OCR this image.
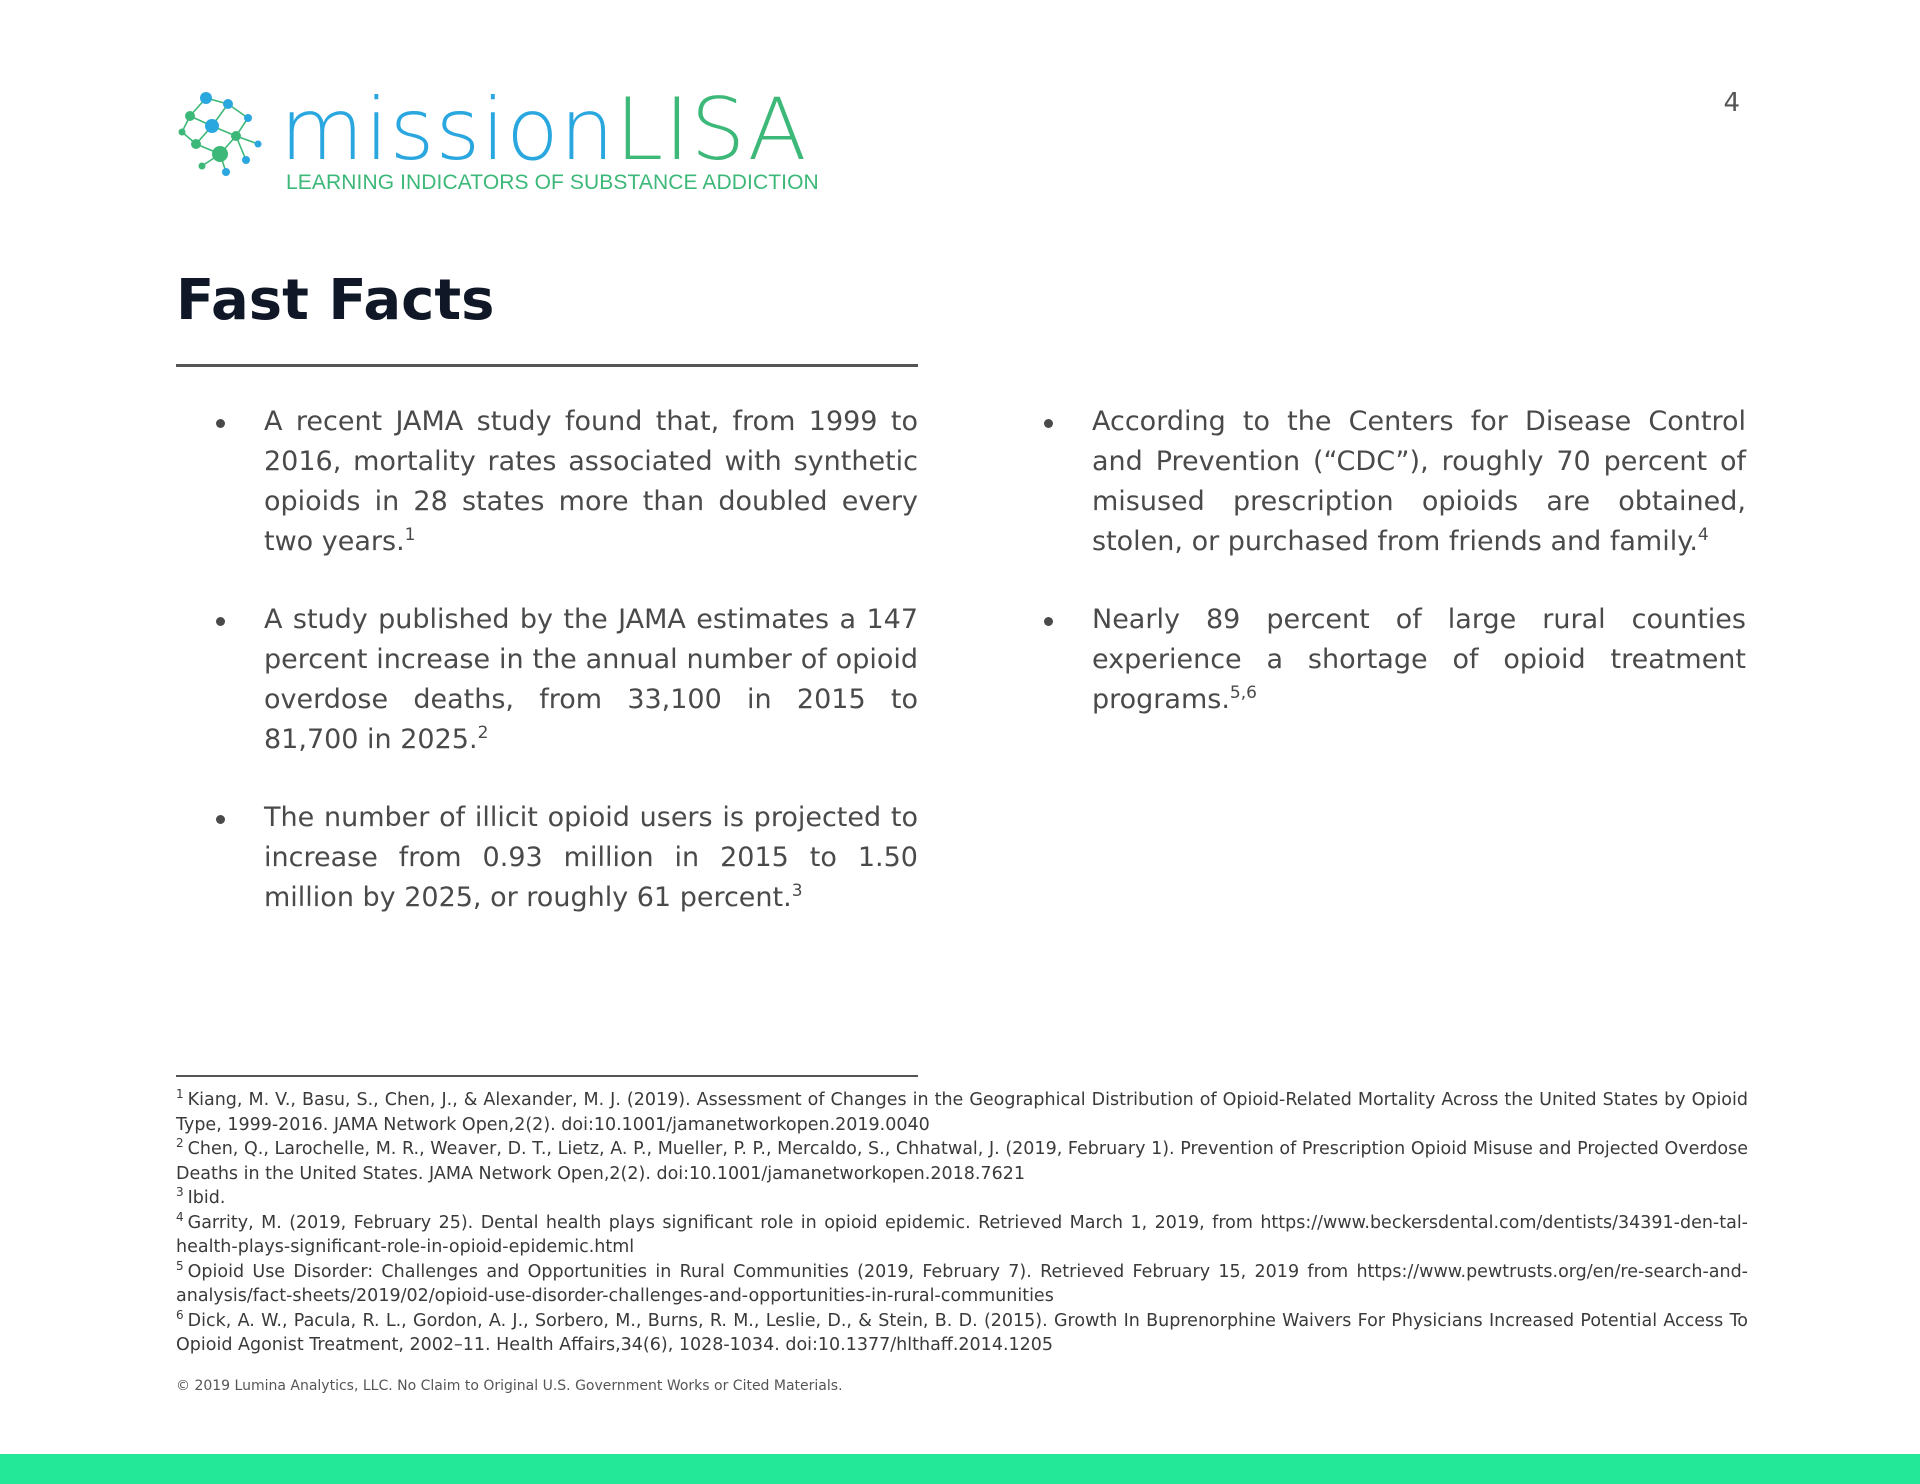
missionLISA
LEARNING INDICATORS OF SUBSTANCE ADDICTION
4
Fast Facts
A recent JAMA study found that, from 1999 to 2016, mortality rates associated with synthetic opioids in 28 states more than doubled every two years.$^1$
A study published by the JAMA estimates a 147 percent increase in the annual number of opioid overdose deaths, from 33,100 in 2015 to 81,700 in 2025.$^2$
The number of illicit opioid users is projected to increase from 0.93 million in 2015 to 1.50 million by 2025, or roughly 61 percent.$^3$
According to the Centers for Disease Control and Prevention (“CDC”), roughly 70 percent of misused prescription opioids are obtained, stolen, or purchased from friends and family.$^4$
Nearly 89 percent of large rural counties experience a shortage of opioid treatment programs.$^{5,6}$

$^1$ Kiang, M. V., Basu, S., Chen, J., & Alexander, M. J. (2019). Assessment of Changes in the Geographical Distribution of Opioid-Related Mortality Across the United States by Opioid Type, 1999-2016. JAMA Network Open,2(2). doi:10.1001/jamanetworkopen.2019.0040

$^2$ Chen, Q., Larochelle, M. R., Weaver, D. T., Lietz, A. P., Mueller, P. P., Mercaldo, S., Chhatwal, J. (2019, February 1). Prevention of Prescription Opioid Misuse and Projected Overdose Deaths in the United States. JAMA Network Open,2(2). doi:10.1001/jamanetworkopen.2018.7621

$^3$ Ibid.

$^4$ Garrity, M. (2019, February 25). Dental health plays significant role in opioid epidemic. Retrieved March 1, 2019, from https://www.beckersdental.com/dentists/34391-den-tal-health-plays-significant-role-in-opioid-epidemic.html

$^5$ Opioid Use Disorder: Challenges and Opportunities in Rural Communities (2019, February 7). Retrieved February 15, 2019 from https://www.pewtrusts.org/en/re-search-and-analysis/fact-sheets/2019/02/opioid-use-disorder-challenges-and-opportunities-in-rural-communities

$^6$ Dick, A. W., Pacula, R. L., Gordon, A. J., Sorbero, M., Burns, R. M., Leslie, D., & Stein, B. D. (2015). Growth In Buprenorphine Waivers For Physicians Increased Potential Access To Opioid Agonist Treatment, 2002–11. Health Affairs,34(6), 1028-1034. doi:10.1377/hlthaff.2014.1205

© 2019 Lumina Analytics, LLC. No Claim to Original U.S. Government Works or Cited Materials.
